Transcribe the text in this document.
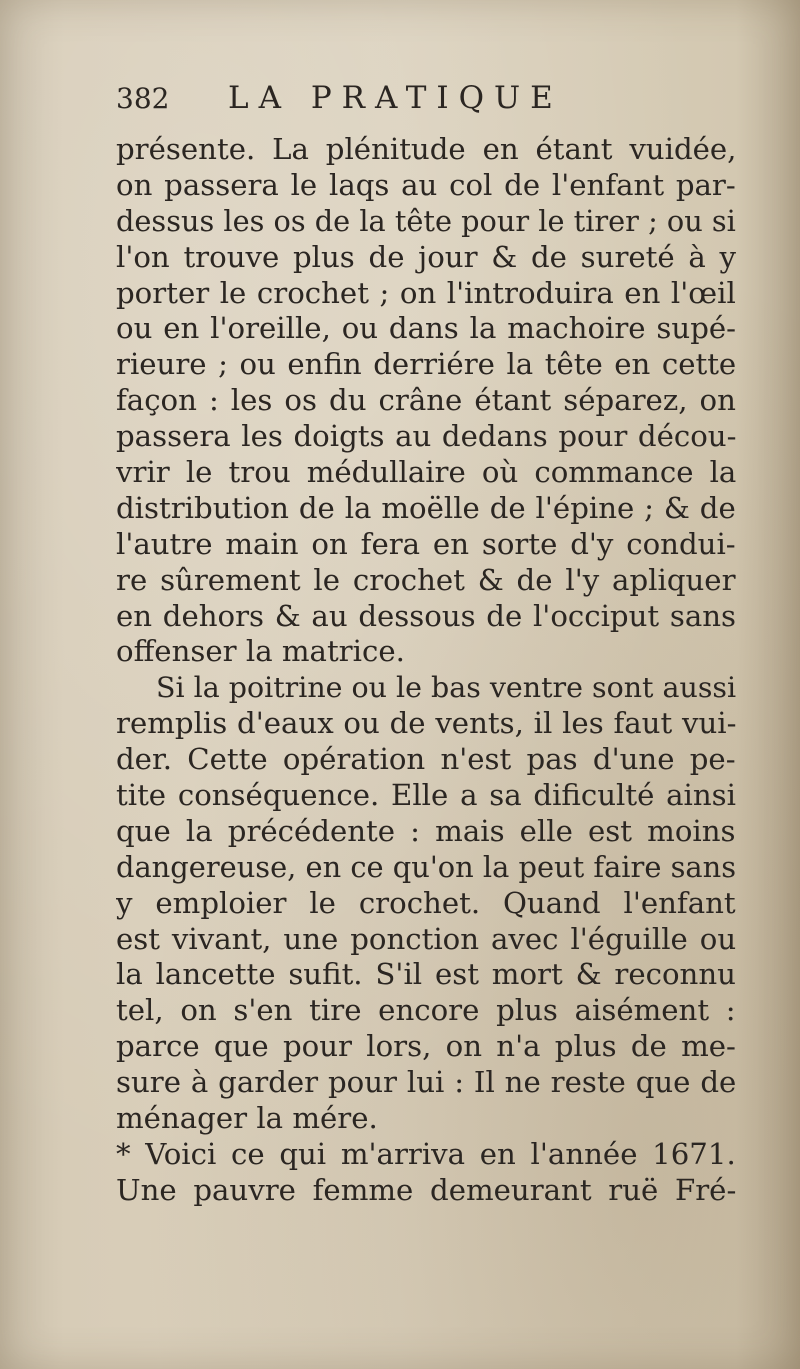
382	LA PRATIQUE
présente. La plénitude en étant vuidée,
on passera le laqs au col de l'enfant par-
dessus les os de la tête pour le tirer ; ou si
l'on trouve plus de jour & de sureté à y
porter le crochet ; on l'introduira en l'œil
ou en l'oreille, ou dans la machoire supé-
rieure ; ou enfin derriére la tête en cette
façon : les os du crâne étant séparez, on
passera les doigts au dedans pour décou-
vrir le trou médullaire où commance la
distribution de la moëlle de l'épine ; & de
l'autre main on fera en sorte d'y condui-
re sûrement le crochet & de l'y apliquer
en dehors & au dessous de l'occiput sans
offenser la matrice.
Si la poitrine ou le bas ventre sont aussi
remplis d'eaux ou de vents, il les faut vui-
der. Cette opération n'est pas d'une pe-
tite conséquence. Elle a sa dificulté ainsi
que la précédente : mais elle est moins
dangereuse, en ce qu'on la peut faire sans
y emploier le crochet. Quand l'enfant
est vivant, une ponction avec l'éguille ou
la lancette sufit. S'il est mort & reconnu
tel, on s'en tire encore plus aisément :
parce que pour lors, on n'a plus de me-
sure à garder pour lui : Il ne reste que de
ménager la mére.
* Voici ce qui m'arriva en l'année 1671.
Une pauvre femme demeurant ruë Fré-
